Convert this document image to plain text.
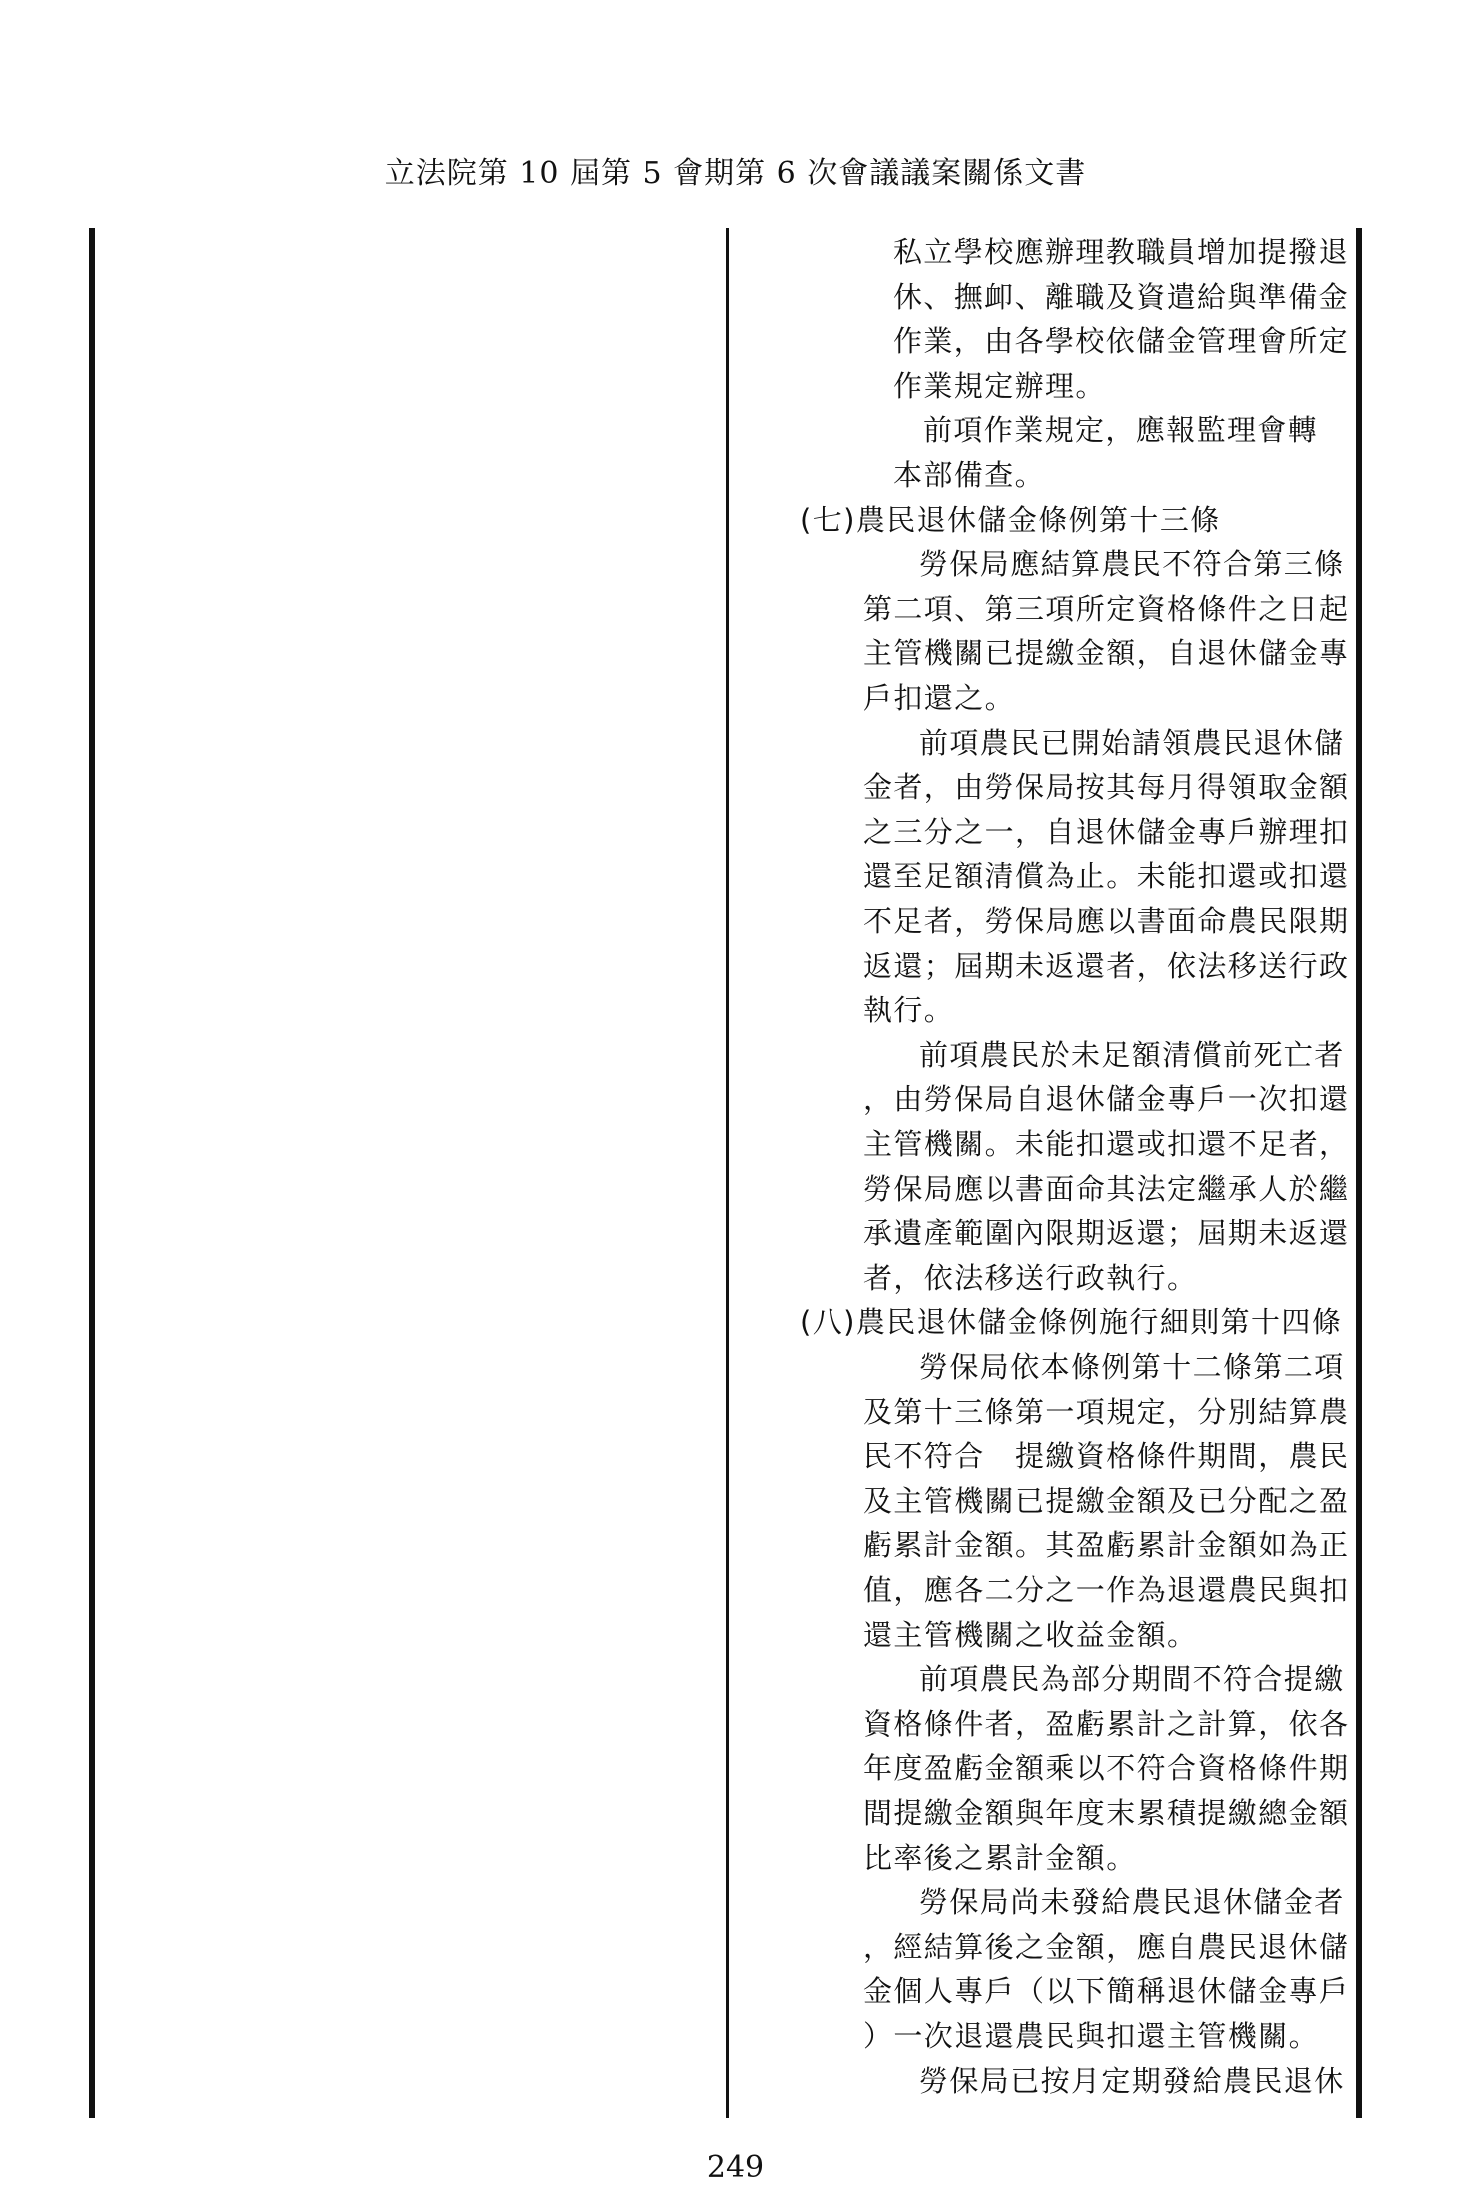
立法院第 10 屆第 5 會期第 6 次會議議案關係文書
私立學校應辦理教職員增加提撥退
休、撫卹、離職及資遣給與準備金
作業，由各學校依儲金管理會所定
作業規定辦理。
前項作業規定，應報監理會轉
本部備查。
(七)農民退休儲金條例第十三條
勞保局應結算農民不符合第三條
第二項、第三項所定資格條件之日起
主管機關已提繳金額，自退休儲金專
戶扣還之。
前項農民已開始請領農民退休儲
金者，由勞保局按其每月得領取金額
之三分之一，自退休儲金專戶辦理扣
還至足額清償為止。未能扣還或扣還
不足者，勞保局應以書面命農民限期
返還；屆期未返還者，依法移送行政
執行。
前項農民於未足額清償前死亡者
，由勞保局自退休儲金專戶一次扣還
主管機關。未能扣還或扣還不足者，
勞保局應以書面命其法定繼承人於繼
承遺產範圍內限期返還；屆期未返還
者，依法移送行政執行。
(八)農民退休儲金條例施行細則第十四條
勞保局依本條例第十二條第二項
及第十三條第一項規定，分別結算農
民不符合　提繳資格條件期間，農民
及主管機關已提繳金額及已分配之盈
虧累計金額。其盈虧累計金額如為正
值，應各二分之一作為退還農民與扣
還主管機關之收益金額。
前項農民為部分期間不符合提繳
資格條件者，盈虧累計之計算，依各
年度盈虧金額乘以不符合資格條件期
間提繳金額與年度末累積提繳總金額
比率後之累計金額。
勞保局尚未發給農民退休儲金者
，經結算後之金額，應自農民退休儲
金個人專戶（以下簡稱退休儲金專戶
）一次退還農民與扣還主管機關。
勞保局已按月定期發給農民退休
249
